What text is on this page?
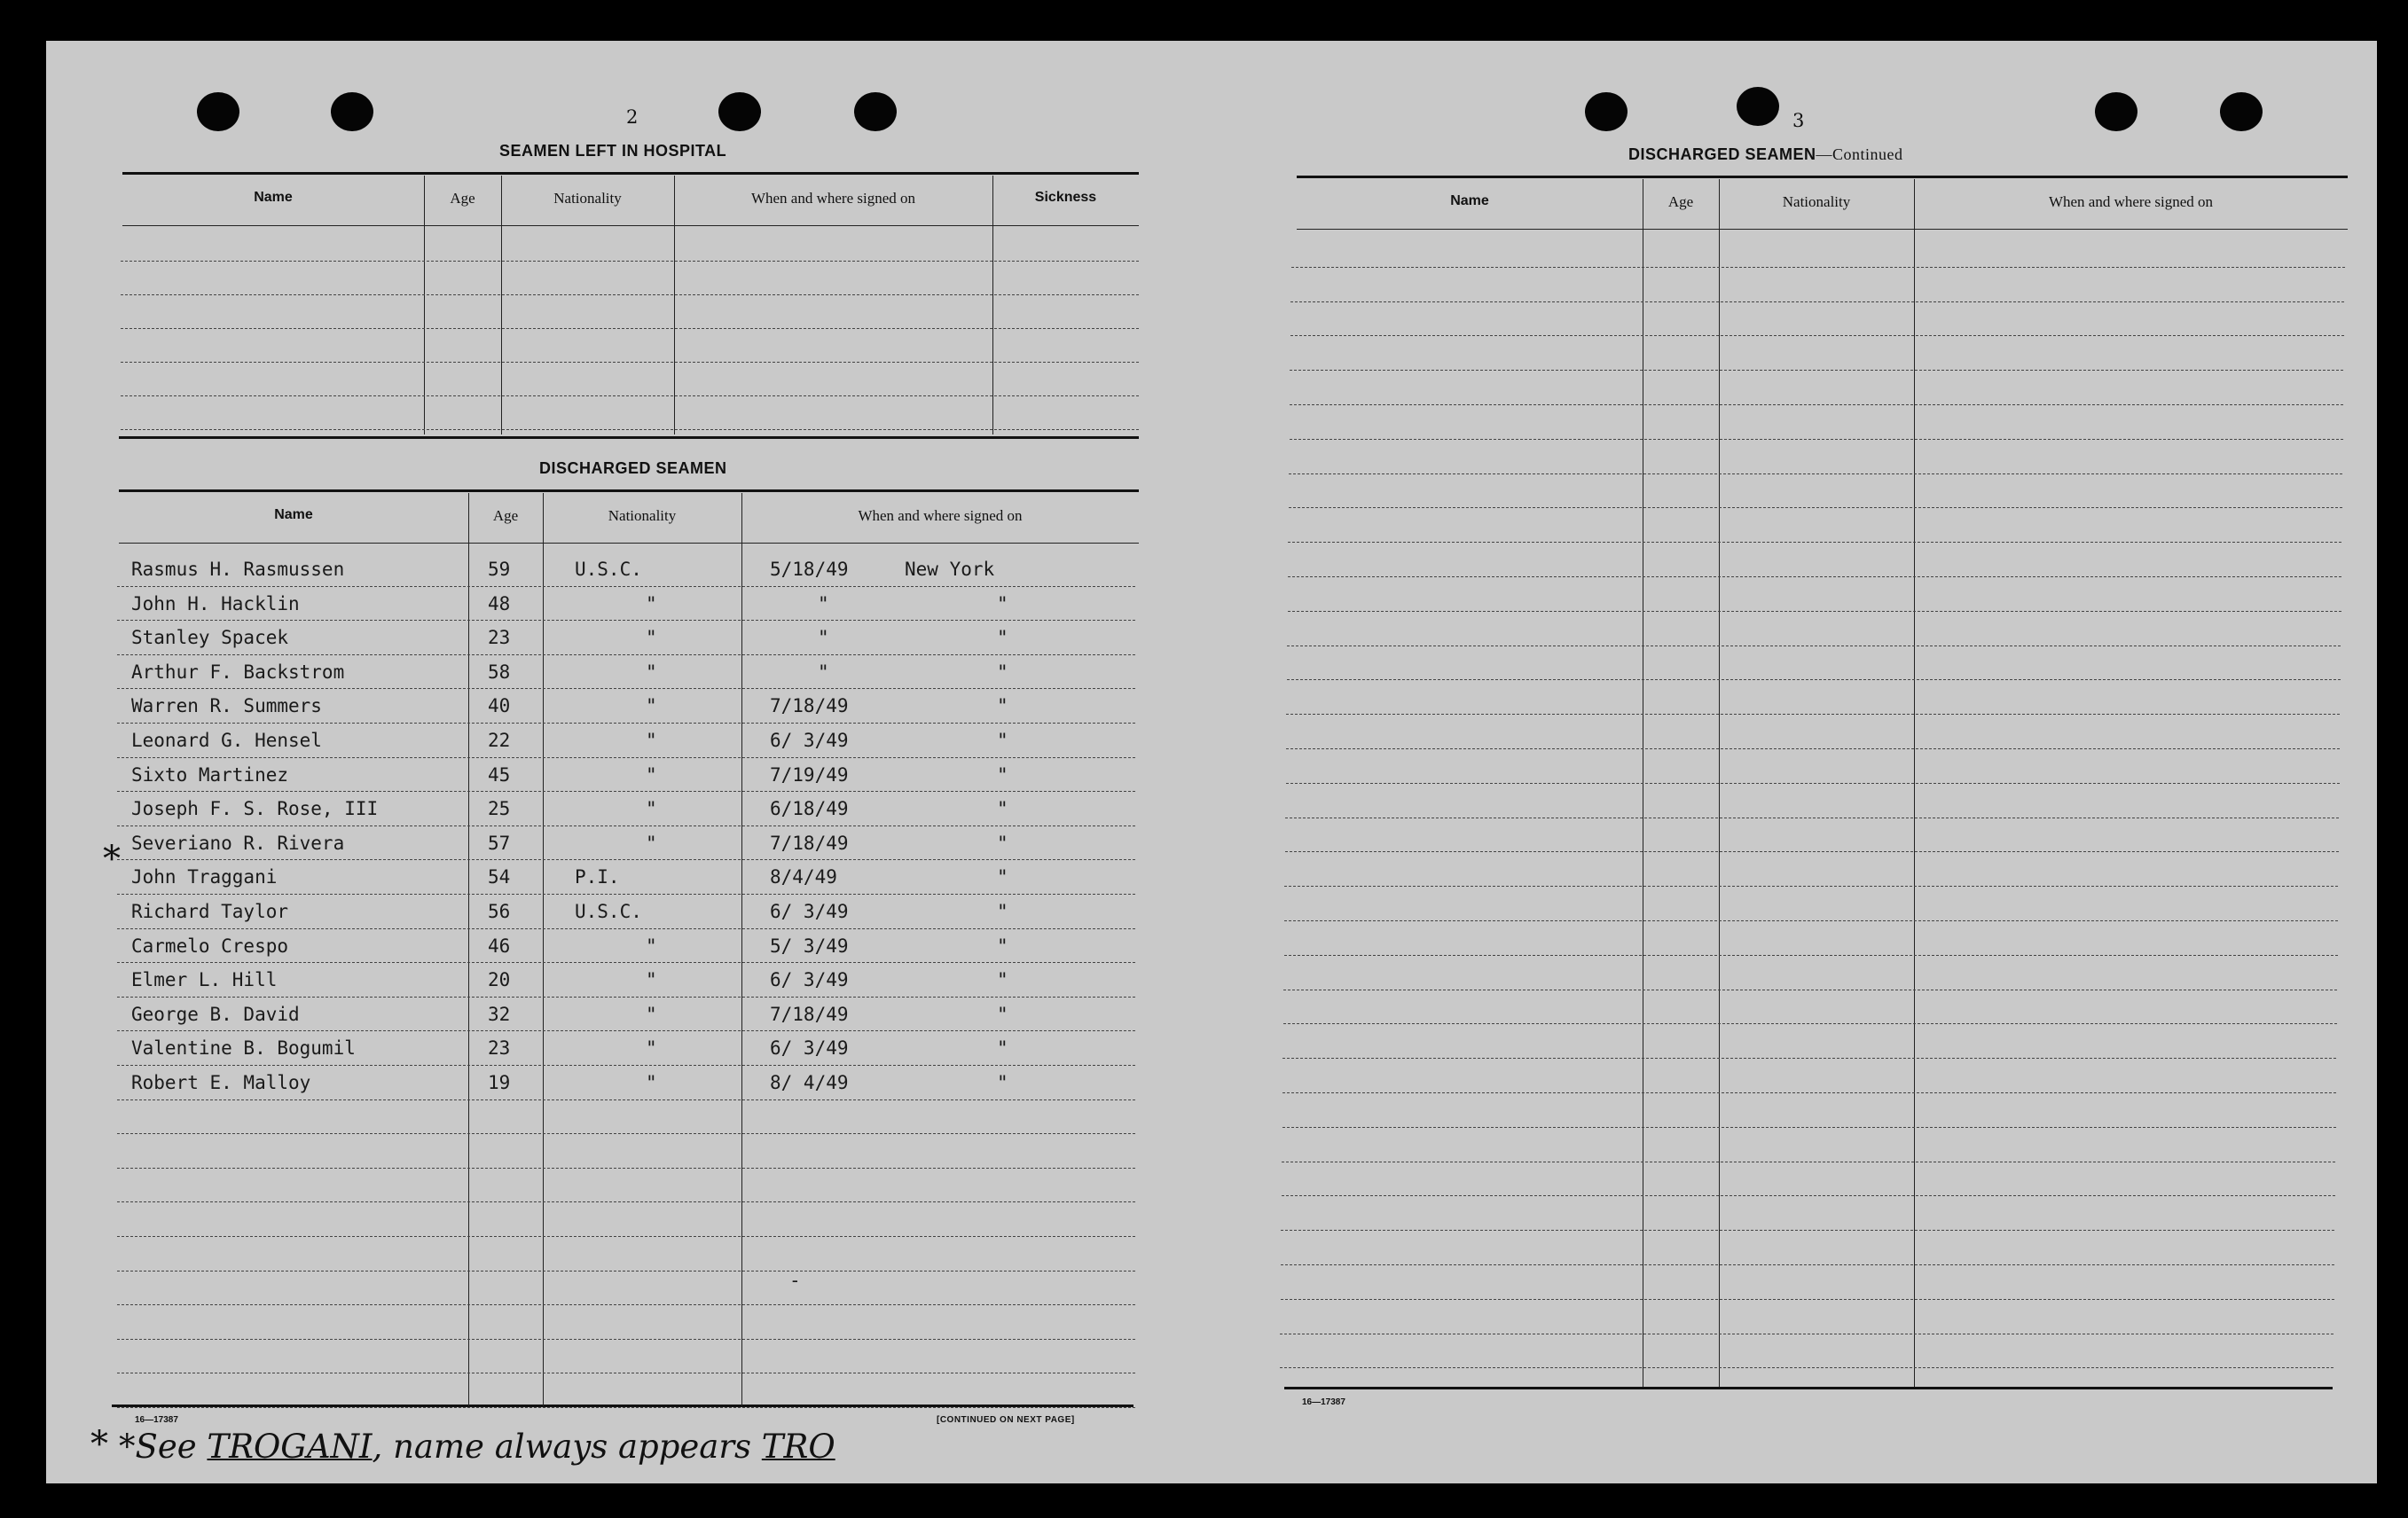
2
SEAMEN LEFT IN HOSPITAL
Name	Age	Nationality	When and where signed on	Sickness
DISCHARGED SEAMEN
Name	Age	Nationality	When and where signed on
Rasmus H. Rasmussen	59	U.S.C.	5/18/49	New York
John H. Hacklin	48	"	"	"
Stanley Spacek	23	"	"	"
Arthur F. Backstrom	58	"	"	"
Warren R. Summers	40	"	7/18/49	"
Leonard G. Hensel	22	"	6/ 3/49	"
Sixto Martinez	45	"	7/19/49	"
Joseph F. S. Rose, III	25	"	6/18/49	"
Severiano R. Rivera	57	"	7/18/49	"
John Traggani	54	P.I.	8/4/49	"
Richard Taylor	56	U.S.C.	6/ 3/49	"
Carmelo Crespo	46	"	5/ 3/49	"
Elmer L. Hill	20	"	6/ 3/49	"
George B. David	32	"	7/18/49	"
Valentine B. Bogumil	23	"	6/ 3/49	"
Robert E. Malloy	19	"	8/ 4/49	"
-
*
16—17387	[CONTINUED ON NEXT PAGE]
* *See TROGANI, name always appears TRO
3
DISCHARGED SEAMEN—Continued
Name	Age	Nationality	When and where signed on
16—17387
